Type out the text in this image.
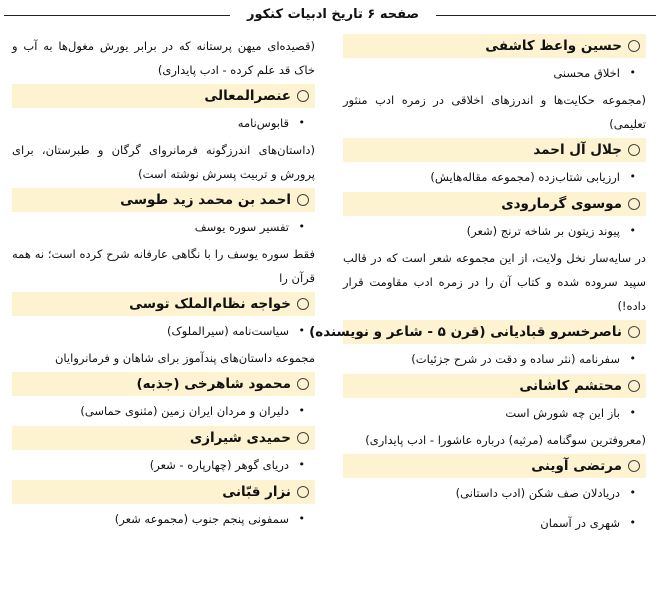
صفحه ۶ تاریخ ادبیات کنکور
حسین واعظ کاشفی
• اخلاق محسنی
(مجموعه حکایت‌ها و اندرزهای اخلاقی در زمره ادب منثور تعلیمی)
جلال آل احمد
• ارزیابی شتاب‌زده (مجموعه مقاله‌هایش)
موسوی گرمارودی
• پیوند زیتون بر شاخه ترنج (شعر)
در سایه‌سار نخل ولایت، از این مجموعه شعر است که در قالب سپید سروده شده و کتاب آن را در زمره ادب مقاومت قرار داده!)
ناصرخسرو قبادیانی (قرن ۵ - شاعر و نویسنده)
• سفرنامه (نثر ساده و دقت در شرح جزئیات)
محتشم کاشانی
• باز این چه شورش است
(معروفترین سوگنامه (مرثیه) درباره عاشورا - ادب پایداری)
مرتضی آوینی
• دریادلان صف شکن (ادب داستانی)
• شهری در آسمان
(قصیده‌ای میهن پرستانه که در برابر یورش مغول‌ها به آب و خاک قد علم کرده - ادب پایداری)
عنصرالمعالی
• قابوس‌نامه
(داستان‌های اندرزگونه فرمانروای گرگان و طبرستان، برای پرورش و تربیت پسرش نوشته است)
احمد بن محمد زید طوسی
• تفسیر سوره یوسف
فقط سوره یوسف را با نگاهی عارفانه شرح کرده است؛ نه همه قرآن را
خواجه نظام‌الملک توسی
• سیاست‌نامه (سیرالملوک)
مجموعه داستان‌های پندآموز برای شاهان و فرمانروایان
محمود شاهرخی (جذبه)
• دلیران و مردان ایران زمین (مثنوی حماسی)
حمیدی شیرازی
• دریای گوهر (چهارپاره - شعر)
نزار قبّانی
• سمفونی پنجم جنوب (مجموعه شعر)
